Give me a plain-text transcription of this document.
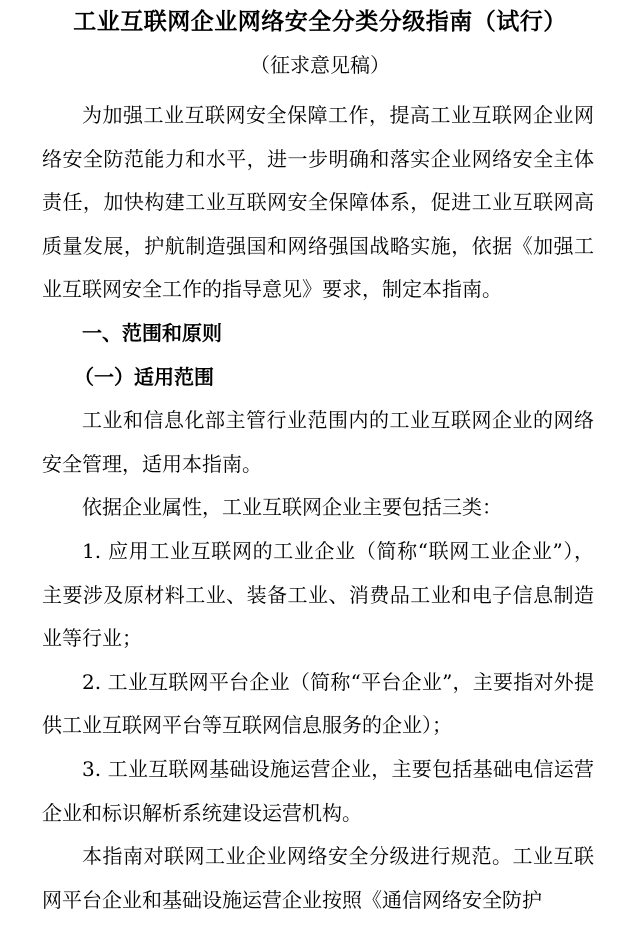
工业互联网企业网络安全分类分级指南（试行）
（征求意见稿）

为加强工业互联网安全保障工作，提高工业互联网企业网络安全防范能力和水平，进一步明确和落实企业网络安全主体责任，加快构建工业互联网安全保障体系，促进工业互联网高质量发展，护航制造强国和网络强国战略实施，依据《加强工业互联网安全工作的指导意见》要求，制定本指南。

一、范围和原则

（一）适用范围

工业和信息化部主管行业范围内的工业互联网企业的网络安全管理，适用本指南。

依据企业属性，工业互联网企业主要包括三类：

1. 应用工业互联网的工业企业（简称“联网工业企业”），主要涉及原材料工业、装备工业、消费品工业和电子信息制造业等行业；

2. 工业互联网平台企业（简称“平台企业”，主要指对外提供工业互联网平台等互联网信息服务的企业）；

3. 工业互联网基础设施运营企业，主要包括基础电信运营企业和标识解析系统建设运营机构。

本指南对联网工业企业网络安全分级进行规范。工业互联网平台企业和基础设施运营企业按照《通信网络安全防护
